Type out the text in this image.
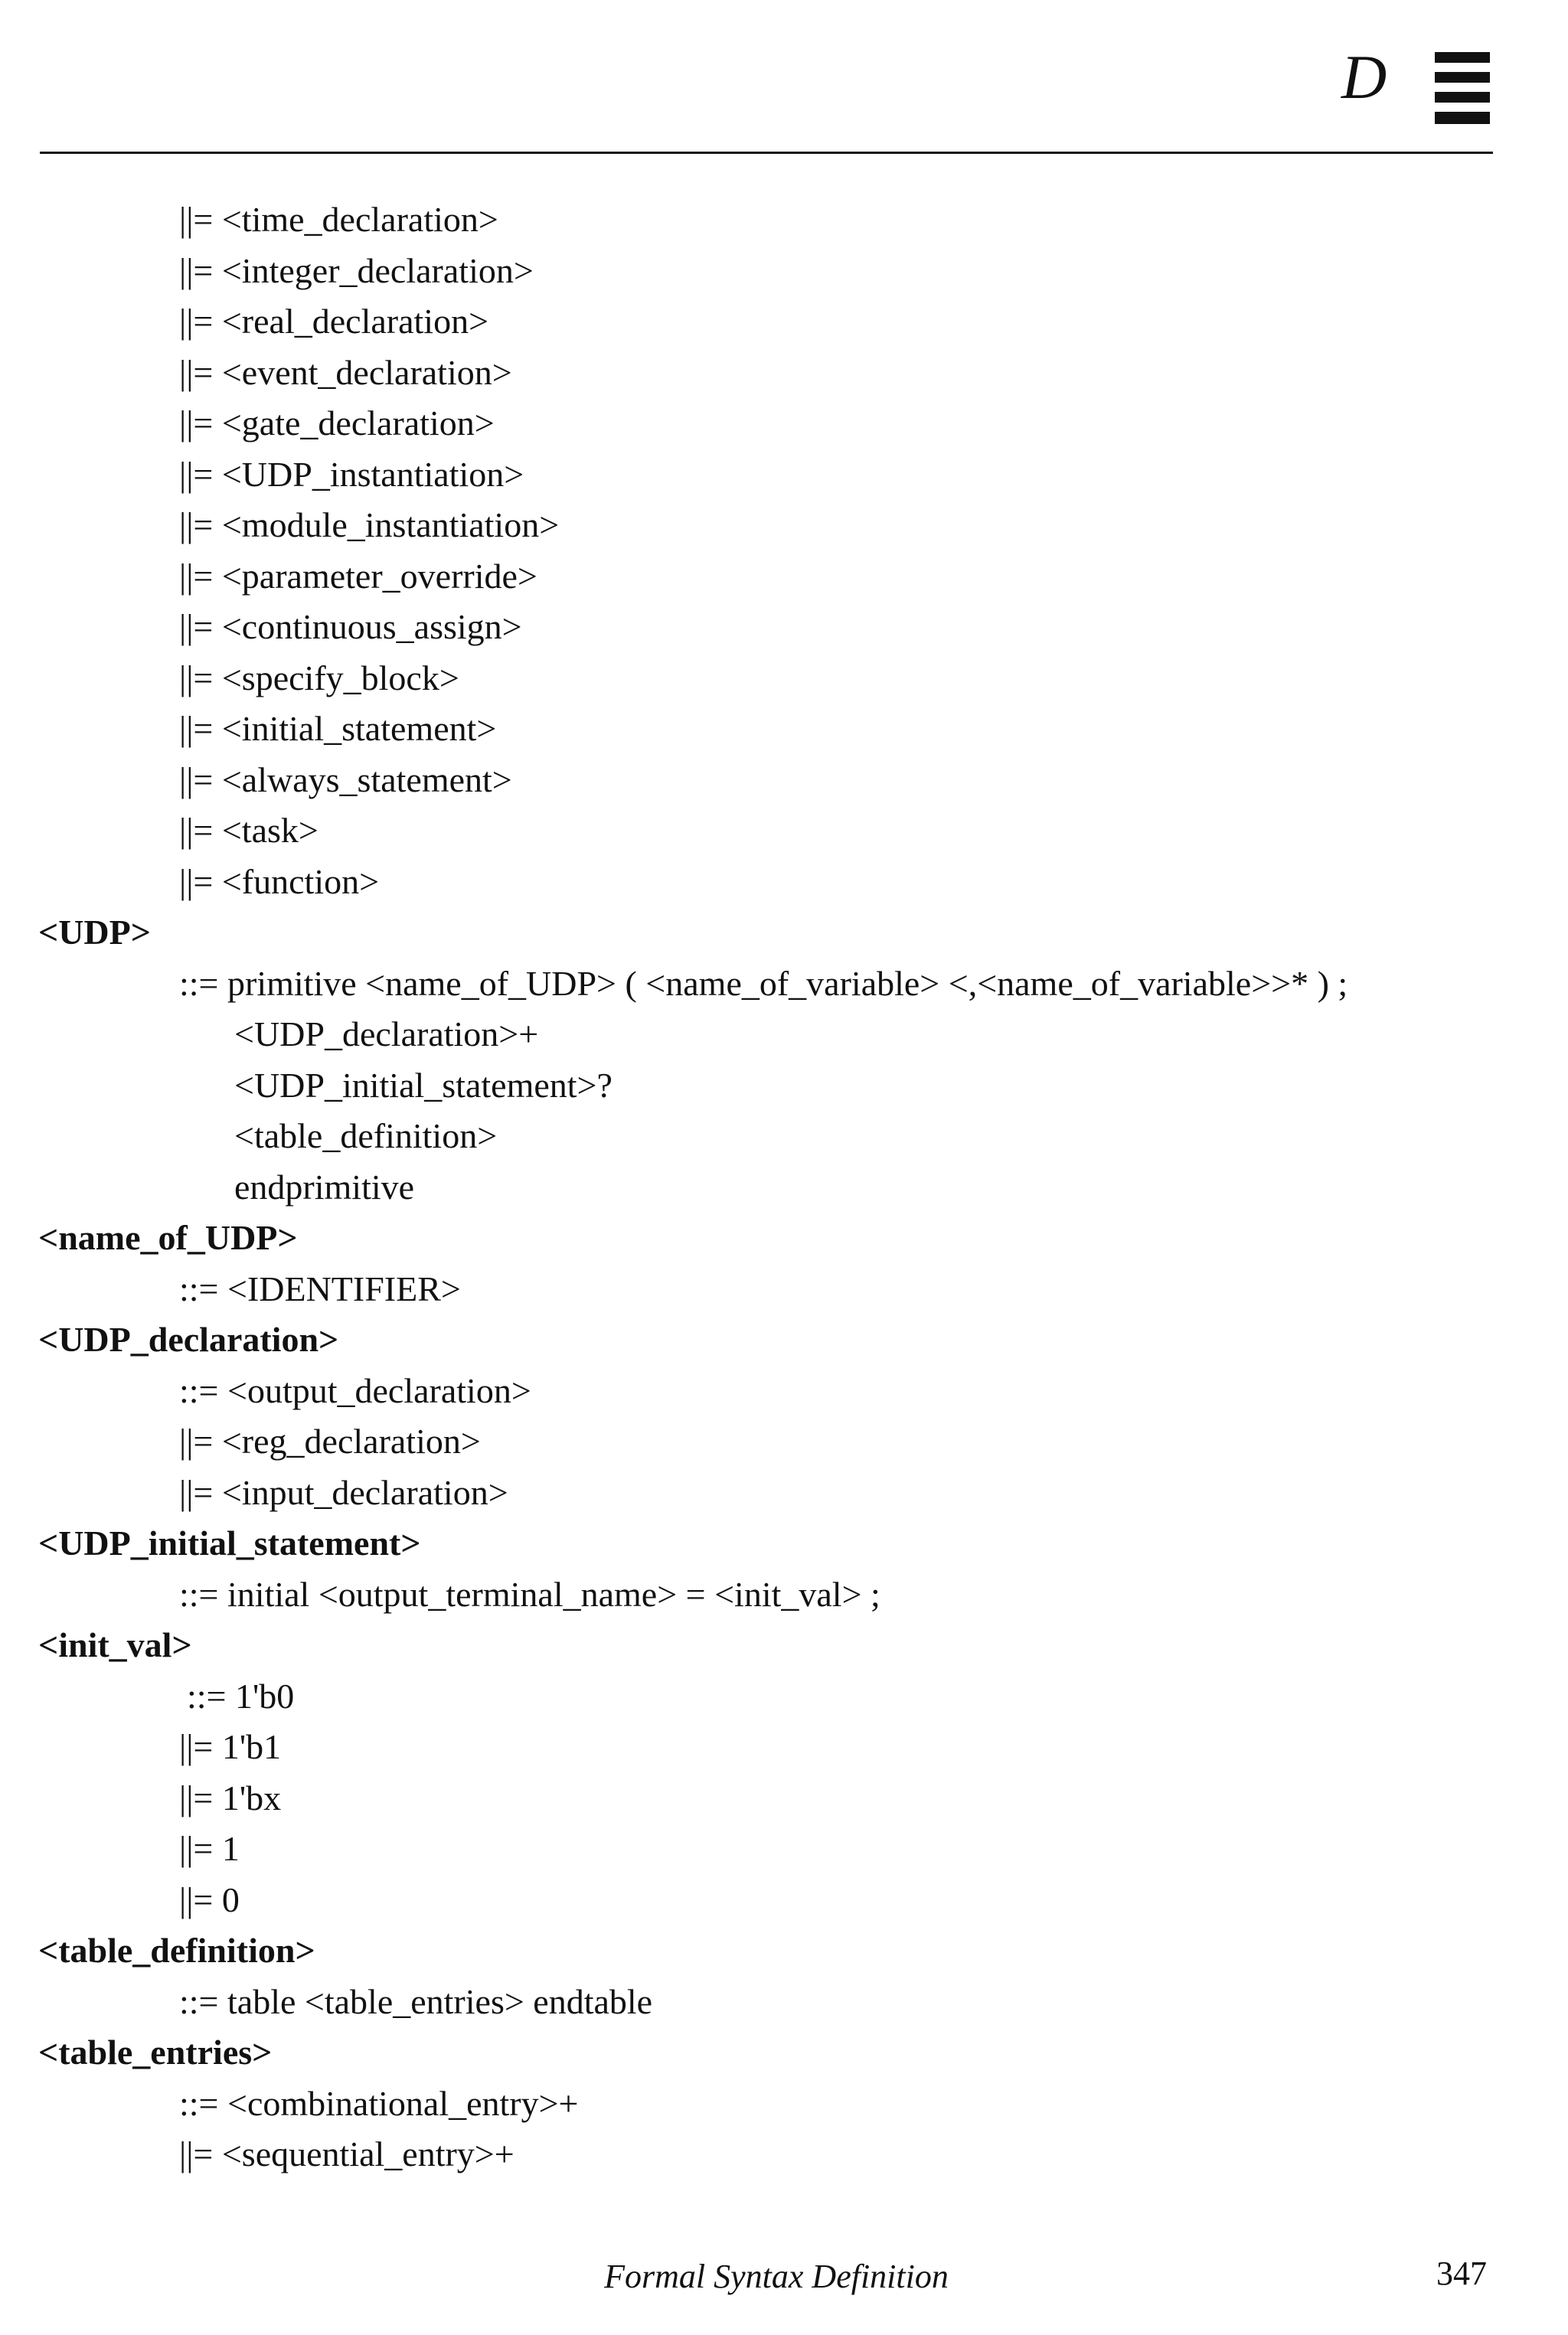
D
||= <time_declaration>
||= <integer_declaration>
||= <real_declaration>
||= <event_declaration>
||= <gate_declaration>
||= <UDP_instantiation>
||= <module_instantiation>
||= <parameter_override>
||= <continuous_assign>
||= <specify_block>
||= <initial_statement>
||= <always_statement>
||= <task>
||= <function>
<UDP>
::= primitive <name_of_UDP> ( <name_of_variable> <,<name_of_variable>>* ) ;
<UDP_declaration>+
<UDP_initial_statement>?
<table_definition>
endprimitive
<name_of_UDP>
::= <IDENTIFIER>
<UDP_declaration>
::= <output_declaration>
||= <reg_declaration>
||= <input_declaration>
<UDP_initial_statement>
::= initial <output_terminal_name> = <init_val> ;
<init_val>
::= 1'b0
||= 1'b1
||= 1'bx
||= 1
||= 0
<table_definition>
::= table <table_entries> endtable
<table_entries>
::= <combinational_entry>+
||= <sequential_entry>+
Formal Syntax Definition	347
